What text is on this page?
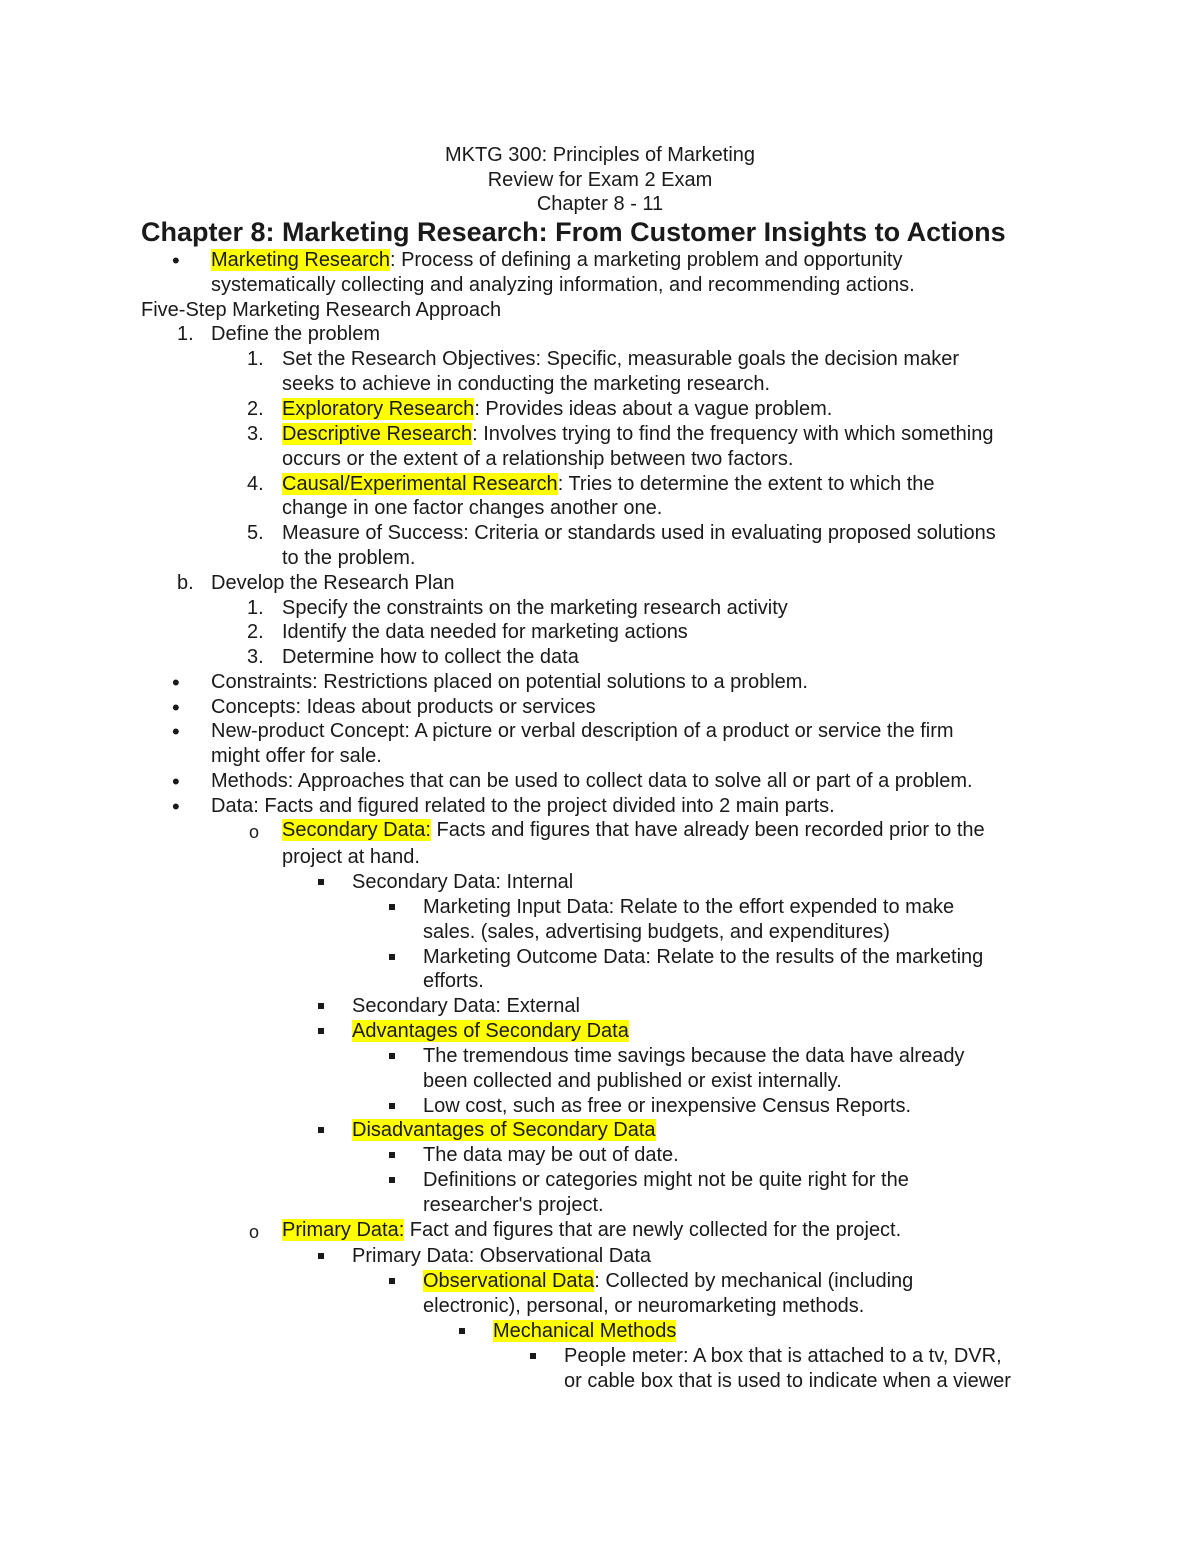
MKTG 300: Principles of Marketing
Review for Exam 2 Exam
Chapter 8 - 11
Chapter 8: Marketing Research: From Customer Insights to Actions
• Marketing Research: Process of defining a marketing problem and opportunity
systematically collecting and analyzing information, and recommending actions.
Five-Step Marketing Research Approach
1. Define the problem
1. Set the Research Objectives: Specific, measurable goals the decision maker
seeks to achieve in conducting the marketing research.
2. Exploratory Research: Provides ideas about a vague problem.
3. Descriptive Research: Involves trying to find the frequency with which something
occurs or the extent of a relationship between two factors.
4. Causal/Experimental Research: Tries to determine the extent to which the
change in one factor changes another one.
5. Measure of Success: Criteria or standards used in evaluating proposed solutions
to the problem.
b. Develop the Research Plan
1. Specify the constraints on the marketing research activity
2. Identify the data needed for marketing actions
3. Determine how to collect the data
• Constraints: Restrictions placed on potential solutions to a problem.
• Concepts: Ideas about products or services
• New-product Concept: A picture or verbal description of a product or service the firm
might offer for sale.
• Methods: Approaches that can be used to collect data to solve all or part of a problem.
• Data: Facts and figured related to the project divided into 2 main parts.
o Secondary Data: Facts and figures that have already been recorded prior to the
project at hand.
Secondary Data: Internal
Marketing Input Data: Relate to the effort expended to make
sales. (sales, advertising budgets, and expenditures)
Marketing Outcome Data: Relate to the results of the marketing
efforts.
Secondary Data: External
Advantages of Secondary Data
The tremendous time savings because the data have already
been collected and published or exist internally.
Low cost, such as free or inexpensive Census Reports.
Disadvantages of Secondary Data
The data may be out of date.
Definitions or categories might not be quite right for the
researcher's project.
o Primary Data: Fact and figures that are newly collected for the project.
Primary Data: Observational Data
Observational Data: Collected by mechanical (including
electronic), personal, or neuromarketing methods.
Mechanical Methods
People meter: A box that is attached to a tv, DVR,
or cable box that is used to indicate when a viewer
